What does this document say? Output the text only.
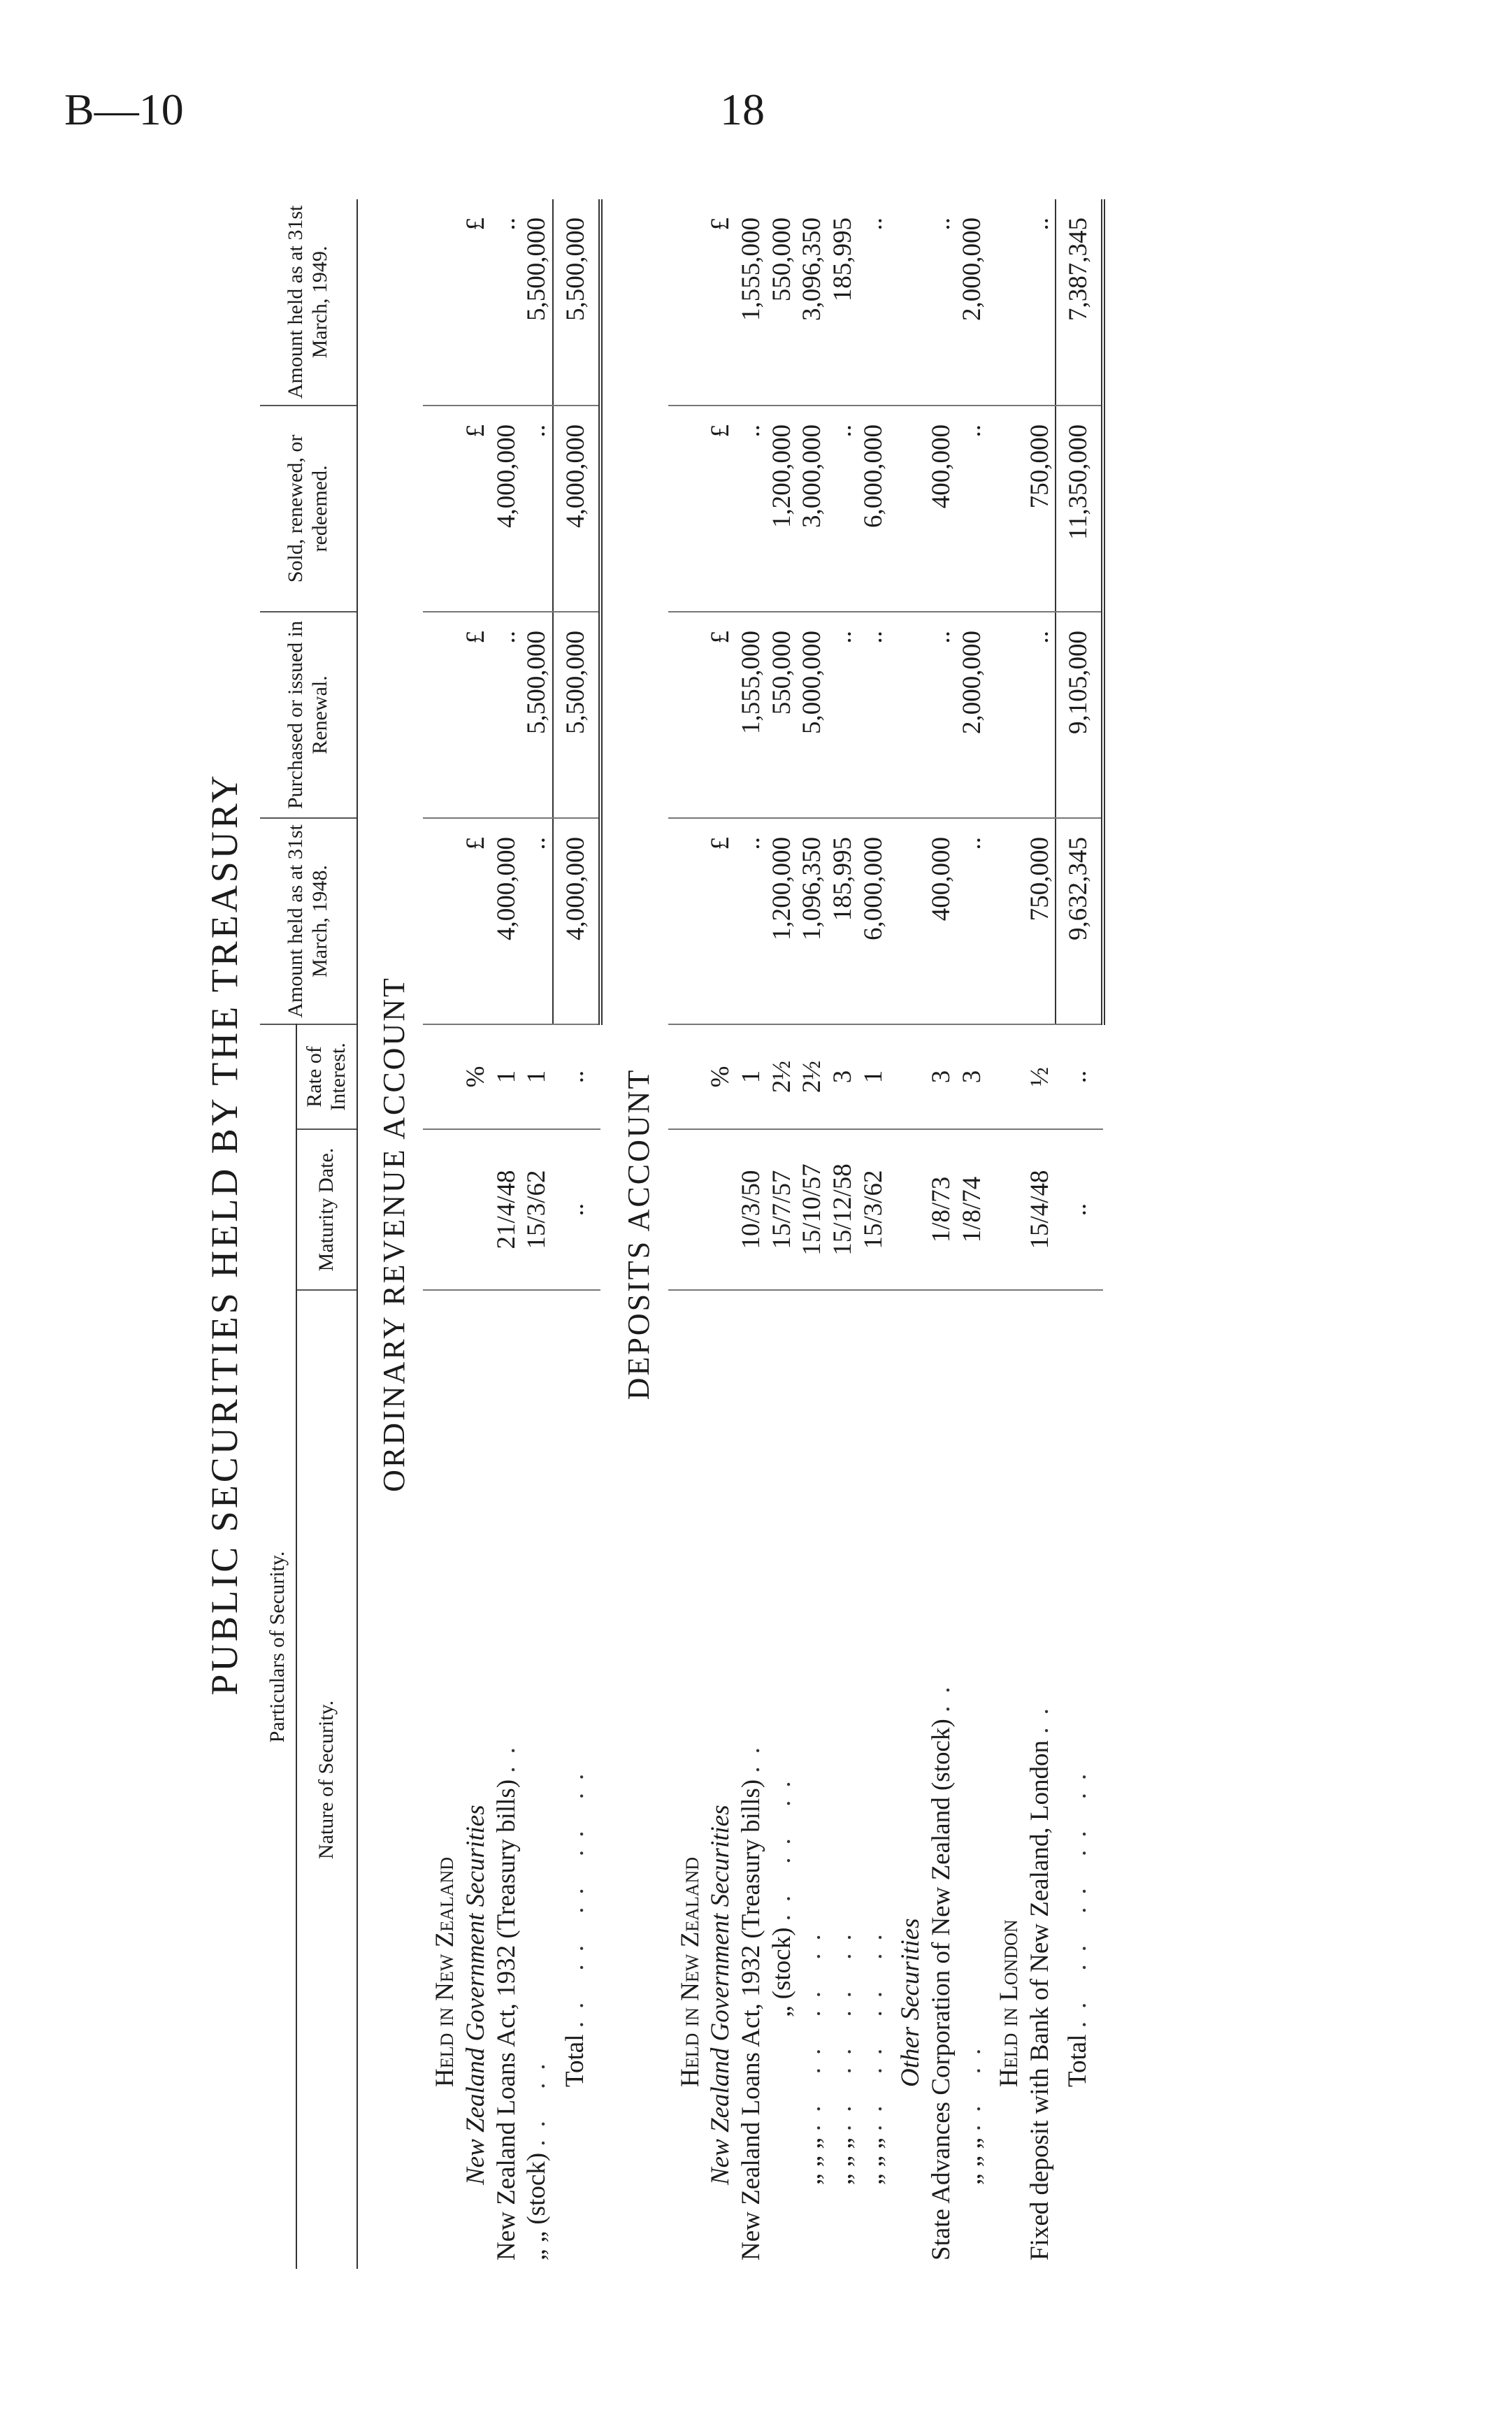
B—10	18
PUBLIC SECURITIES HELD BY THE TREASURY Particulars of Security.			Amount held as at 31st March, 1948.	Purchased or issued in Renewal.	Sold, renewed, or redeemed.	Amount held as at 31st March, 1949.
Nature of Security.	Maturity Date.	Rate of Interest.				
ORDINARY REVENUE ACCOUNT						
Held in New Zealand						
New Zealand Government Securities		%	£	£	£	£
New Zealand Loans Act, 1932 (Treasury bills) ..	21/4/48	1	4,000,000	..	4,000,000	..
„ „ (stock) .. ..	15/3/62	1	..	5,500,000	..	5,500,000
Total .. .. .. .. ..	..	..	4,000,000	5,500,000	4,000,000	5,500,000
DEPOSITS ACCOUNT						
Held in New Zealand						
New Zealand Government Securities		%	£	£	£	£
New Zealand Loans Act, 1932 (Treasury bills) ..	10/3/50	1	..	1,555,000	..	1,555,000
„ (stock) .. .. ..	15/7/57	2½	1,200,000	550,000	1,200,000	550,000
„ „ „ .. .. .. ..	15/10/57	2½	1,096,350	5,000,000	3,000,000	3,096,350
„ „ „ .. .. .. ..	15/12/58	3	185,995	..	..	185,995
„ „ „ .. .. .. ..	15/3/62	1	6,000,000	..	6,000,000	..
Other Securities						
State Advances Corporation of New Zealand (stock) ..	1/8/73	3	400,000	..	400,000	..
„ „ „ .. ..	1/8/74	3	..	2,000,000	..	2,000,000
Held in London						
Fixed deposit with Bank of New Zealand, London ..	15/4/48	½	750,000	..	750,000	..
Total .. .. .. .. ..	..	..	9,632,345	9,105,000	11,350,000	7,387,345
